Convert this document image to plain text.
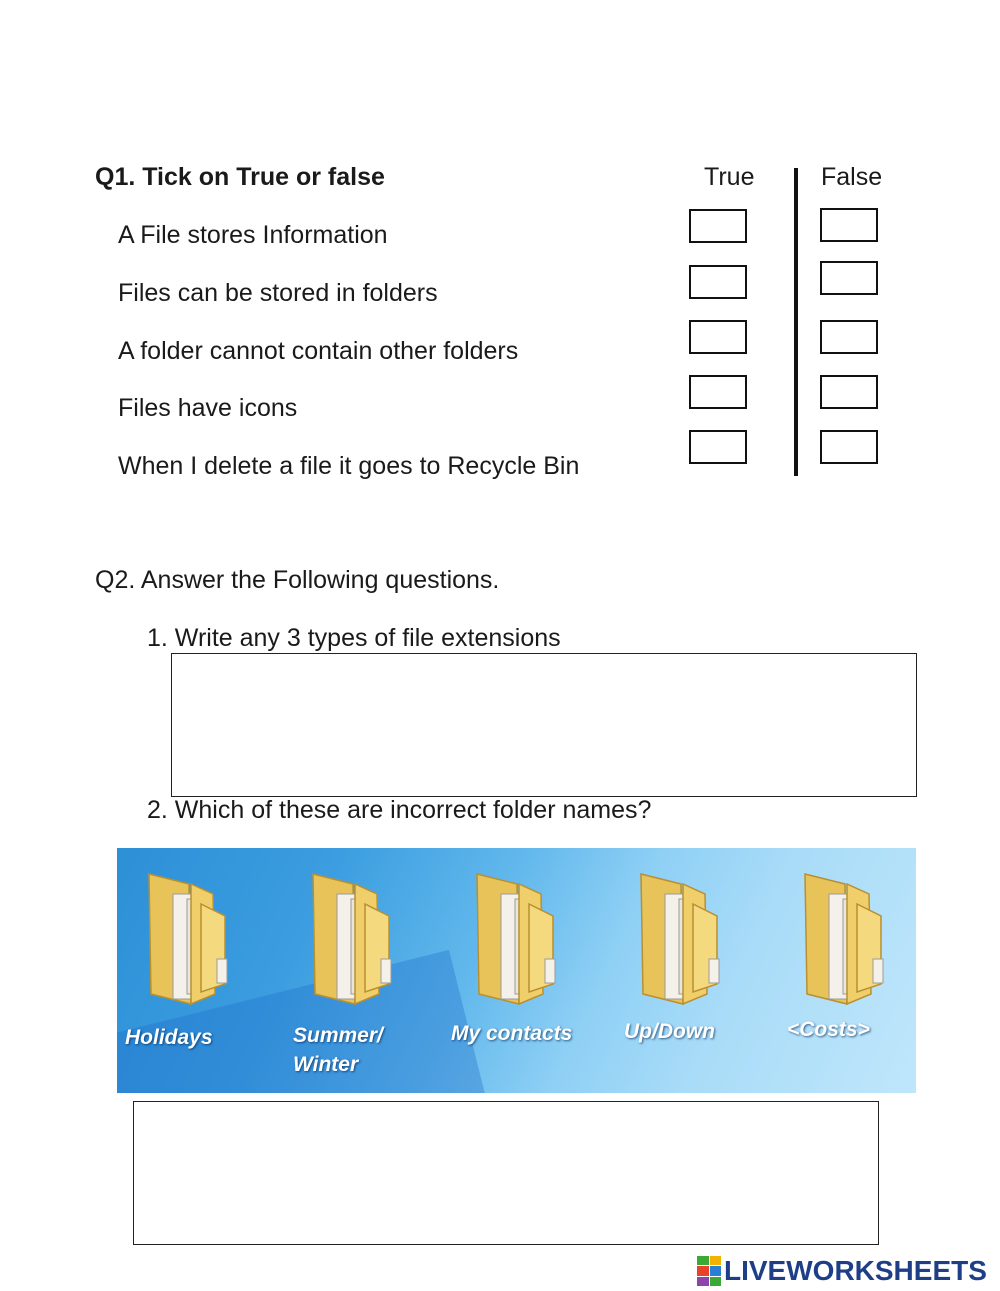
Q1. Tick on True or false	True	False
A File stores Information
Files can be stored in folders
A folder cannot contain other folders
Files have icons
When I delete a file it goes to Recycle Bin
Q2. Answer the Following questions.
1. Write any 3 types of file extensions
2. Which of these are incorrect folder names?
Holidays	Summer/
Winter
My contacts Up/Down	<Costs>
LIVEWORKSHEETS
